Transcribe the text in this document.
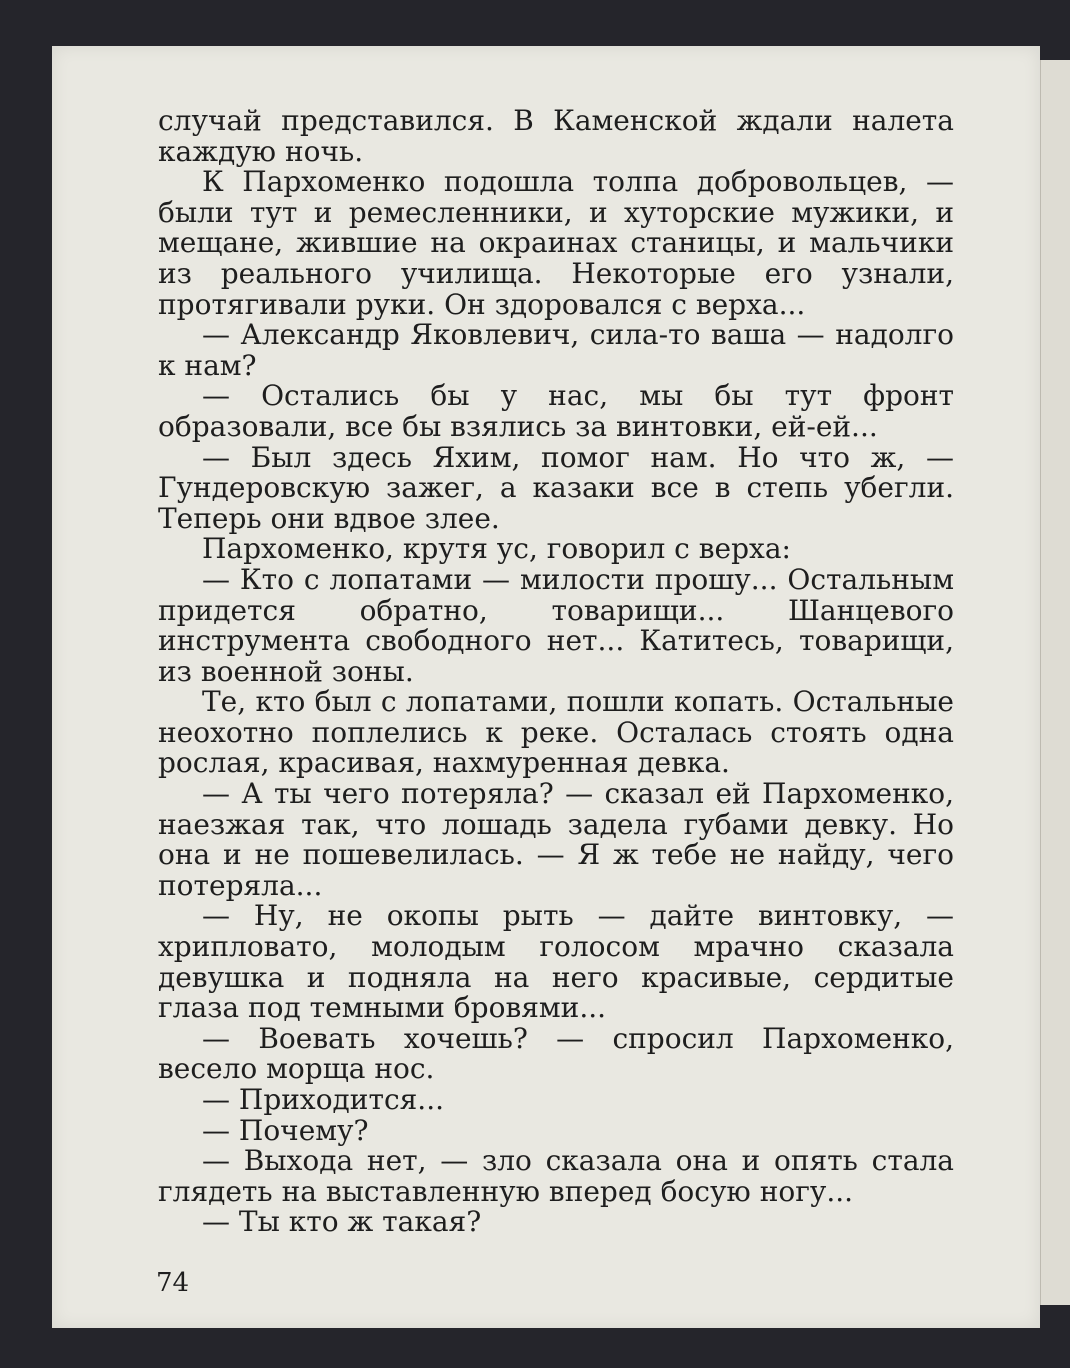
случай представился. В Каменской ждали налета каждую ночь.

К Пархоменко подошла толпа добровольцев, — были тут и ремесленники, и хуторские мужики, и мещане, жившие на окраинах станицы, и мальчики из реального училища. Некоторые его узнали, протягивали руки. Он здоровался с верха...

— Александр Яковлевич, сила-то ваша — надолго к нам?

— Остались бы у нас, мы бы тут фронт образовали, все бы взялись за винтовки, ей-ей...

— Был здесь Яхим, помог нам. Но что ж, — Гундеровскую зажег, а казаки все в степь убегли. Теперь они вдвое злее.

Пархоменко, крутя ус, говорил с верха:

— Кто с лопатами — милости прошу... Остальным придется обратно, товарищи... Шанцевого инструмента свободного нет... Катитесь, товарищи, из военной зоны.

Те, кто был с лопатами, пошли копать. Остальные неохотно поплелись к реке. Осталась стоять одна рослая, красивая, нахмуренная девка.

— А ты чего потеряла? — сказал ей Пархоменко, наезжая так, что лошадь задела губами девку. Но она и не пошевелилась. — Я ж тебе не найду, чего потеряла...

— Ну, не окопы рыть — дайте винтовку, — хрипловато, молодым голосом мрачно сказала девушка и подняла на него красивые, сердитые глаза под темными бровями...

— Воевать хочешь? — спросил Пархоменко, весело морща нос.

— Приходится...

— Почему?

— Выхода нет, — зло сказала она и опять стала глядеть на выставленную вперед босую ногу...

— Ты кто ж такая?

74
